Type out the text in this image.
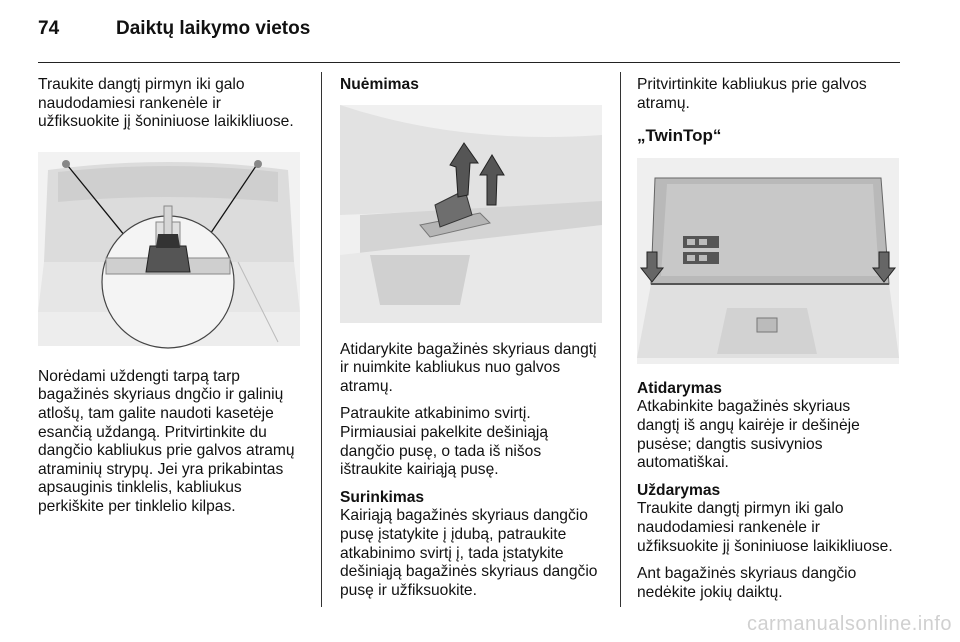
74	Daiktų laikymo vietos

Traukite dangtį pirmyn iki galo
naudodamiesi rankenėle ir
užfiksuokite jį šoniniuose laikikliuose.

Norėdami uždengti tarpą tarp
bagažinės skyriaus dngčio ir galinių
atlošų, tam galite naudoti kasetėje
esančią uždangą. Pritvirtinkite du
dangčio kabliukus prie galvos atramų
atraminių strypų. Jei yra prikabintas
apsauginis tinklelis, kabliukus
perkiškite per tinklelio kilpas.

Nuėmimas

Atidarykite bagažinės skyriaus dangtį
ir nuimkite kabliukus nuo galvos
atramų.

Patraukite atkabinimo svirtį.
Pirmiausiai pakelkite dešiniąją
dangčio pusę, o tada iš nišos
ištraukite kairiąją pusę.

Surinkimas

Kairiąją bagažinės skyriaus dangčio
pusę įstatykite į įdubą, patraukite
atkabinimo svirtį į, tada įstatykite
dešiniąją bagažinės skyriaus dangčio
pusę ir užfiksuokite.

Pritvirtinkite kabliukus prie galvos
atramų.

„TwinTop“

Atidarymas

Atkabinkite bagažinės skyriaus
dangtį iš angų kairėje ir dešinėje
pusėse; dangtis susivynios
automatiškai.

Uždarymas

Traukite dangtį pirmyn iki galo
naudodamiesi rankenėle ir
užfiksuokite jį šoniniuose laikikliuose.

Ant bagažinės skyriaus dangčio
nedėkite jokių daiktų.

carmanualsonline.info
